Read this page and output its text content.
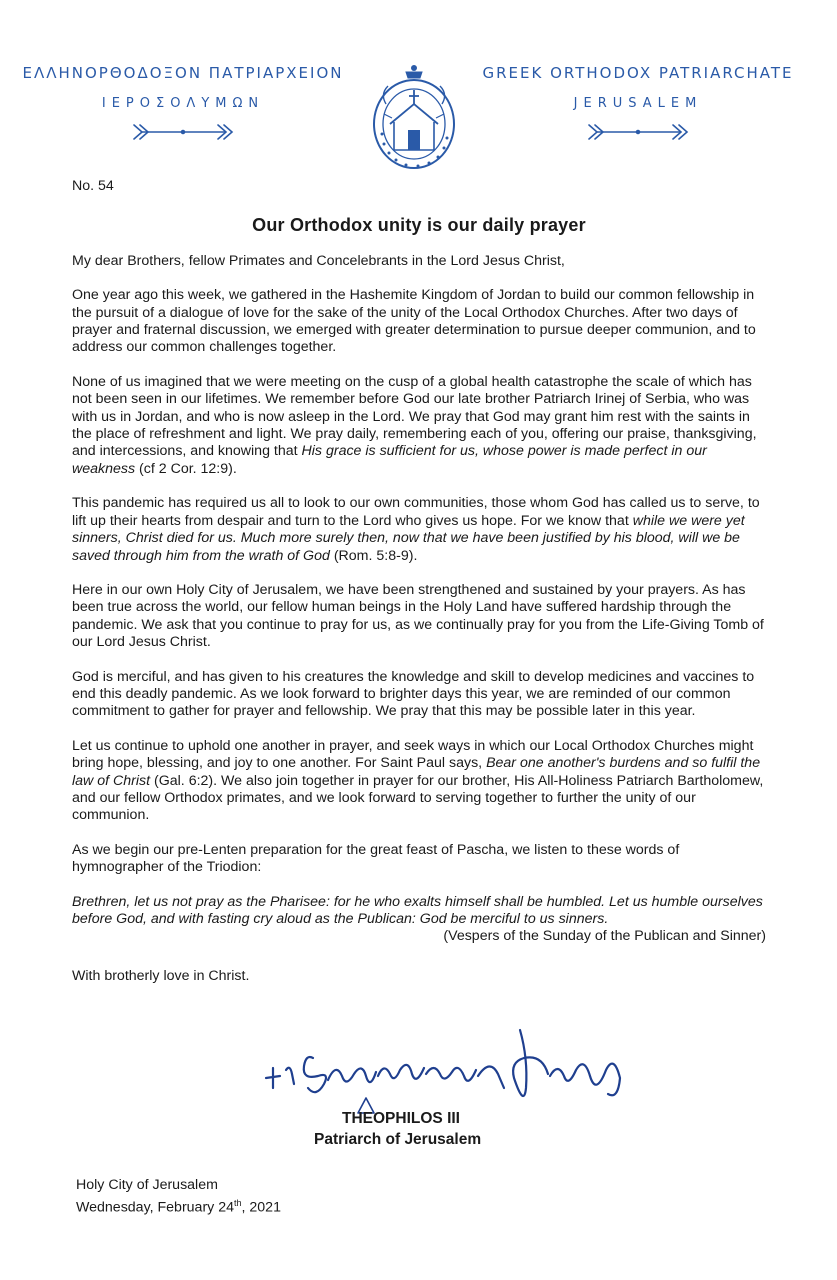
ΕΛΛΗΝΟΡΘΟΔΟΞΟΝ ΠΑΤΡΙΑΡΧΕΙΟΝ
ΙΕΡΟΣΟΛΥΜΩΝ
GREEK ORTHODOX PATRIARCHATE
JERUSALEM
No. 54
Our Orthodox unity is our daily prayer

My dear Brothers, fellow Primates and Concelebrants in the Lord Jesus Christ,

One year ago this week, we gathered in the Hashemite Kingdom of Jordan to build our common fellowship in the pursuit of a dialogue of love for the sake of the unity of the Local Orthodox Churches. After two days of prayer and fraternal discussion, we emerged with greater determination to pursue deeper communion, and to address our common challenges together.

None of us imagined that we were meeting on the cusp of a global health catastrophe the scale of which has not been seen in our lifetimes. We remember before God our late brother Patriarch Irinej of Serbia, who was with us in Jordan, and who is now asleep in the Lord. We pray that God may grant him rest with the saints in the place of refreshment and light. We pray daily, remembering each of you, offering our praise, thanksgiving, and intercessions, and knowing that His grace is sufficient for us, whose power is made perfect in our weakness (cf 2 Cor. 12:9).

This pandemic has required us all to look to our own communities, those whom God has called us to serve, to lift up their hearts from despair and turn to the Lord who gives us hope. For we know that while we were yet sinners, Christ died for us. Much more surely then, now that we have been justified by his blood, will we be saved through him from the wrath of God (Rom. 5:8-9).

Here in our own Holy City of Jerusalem, we have been strengthened and sustained by your prayers. As has been true across the world, our fellow human beings in the Holy Land have suffered hardship through the pandemic. We ask that you continue to pray for us, as we continually pray for you from the Life-Giving Tomb of our Lord Jesus Christ.

God is merciful, and has given to his creatures the knowledge and skill to develop medicines and vaccines to end this deadly pandemic. As we look forward to brighter days this year, we are reminded of our common commitment to gather for prayer and fellowship. We pray that this may be possible later in this year.

Let us continue to uphold one another in prayer, and seek ways in which our Local Orthodox Churches might bring hope, blessing, and joy to one another. For Saint Paul says, Bear one another's burdens and so fulfil the law of Christ (Gal. 6:2). We also join together in prayer for our brother, His All-Holiness Patriarch Bartholomew, and our fellow Orthodox primates, and we look forward to serving together to further the unity of our communion.

As we begin our pre-Lenten preparation for the great feast of Pascha, we listen to these words of hymnographer of the Triodion:

Brethren, let us not pray as the Pharisee: for he who exalts himself shall be humbled. Let us humble ourselves before God, and with fasting cry aloud as the Publican: God be merciful to us sinners.
(Vespers of the Sunday of the Publican and Sinner)
With brotherly love in Christ.
THEOPHILOS III
Patriarch of Jerusalem
Holy City of Jerusalem
Wednesday, February 24th, 2021
